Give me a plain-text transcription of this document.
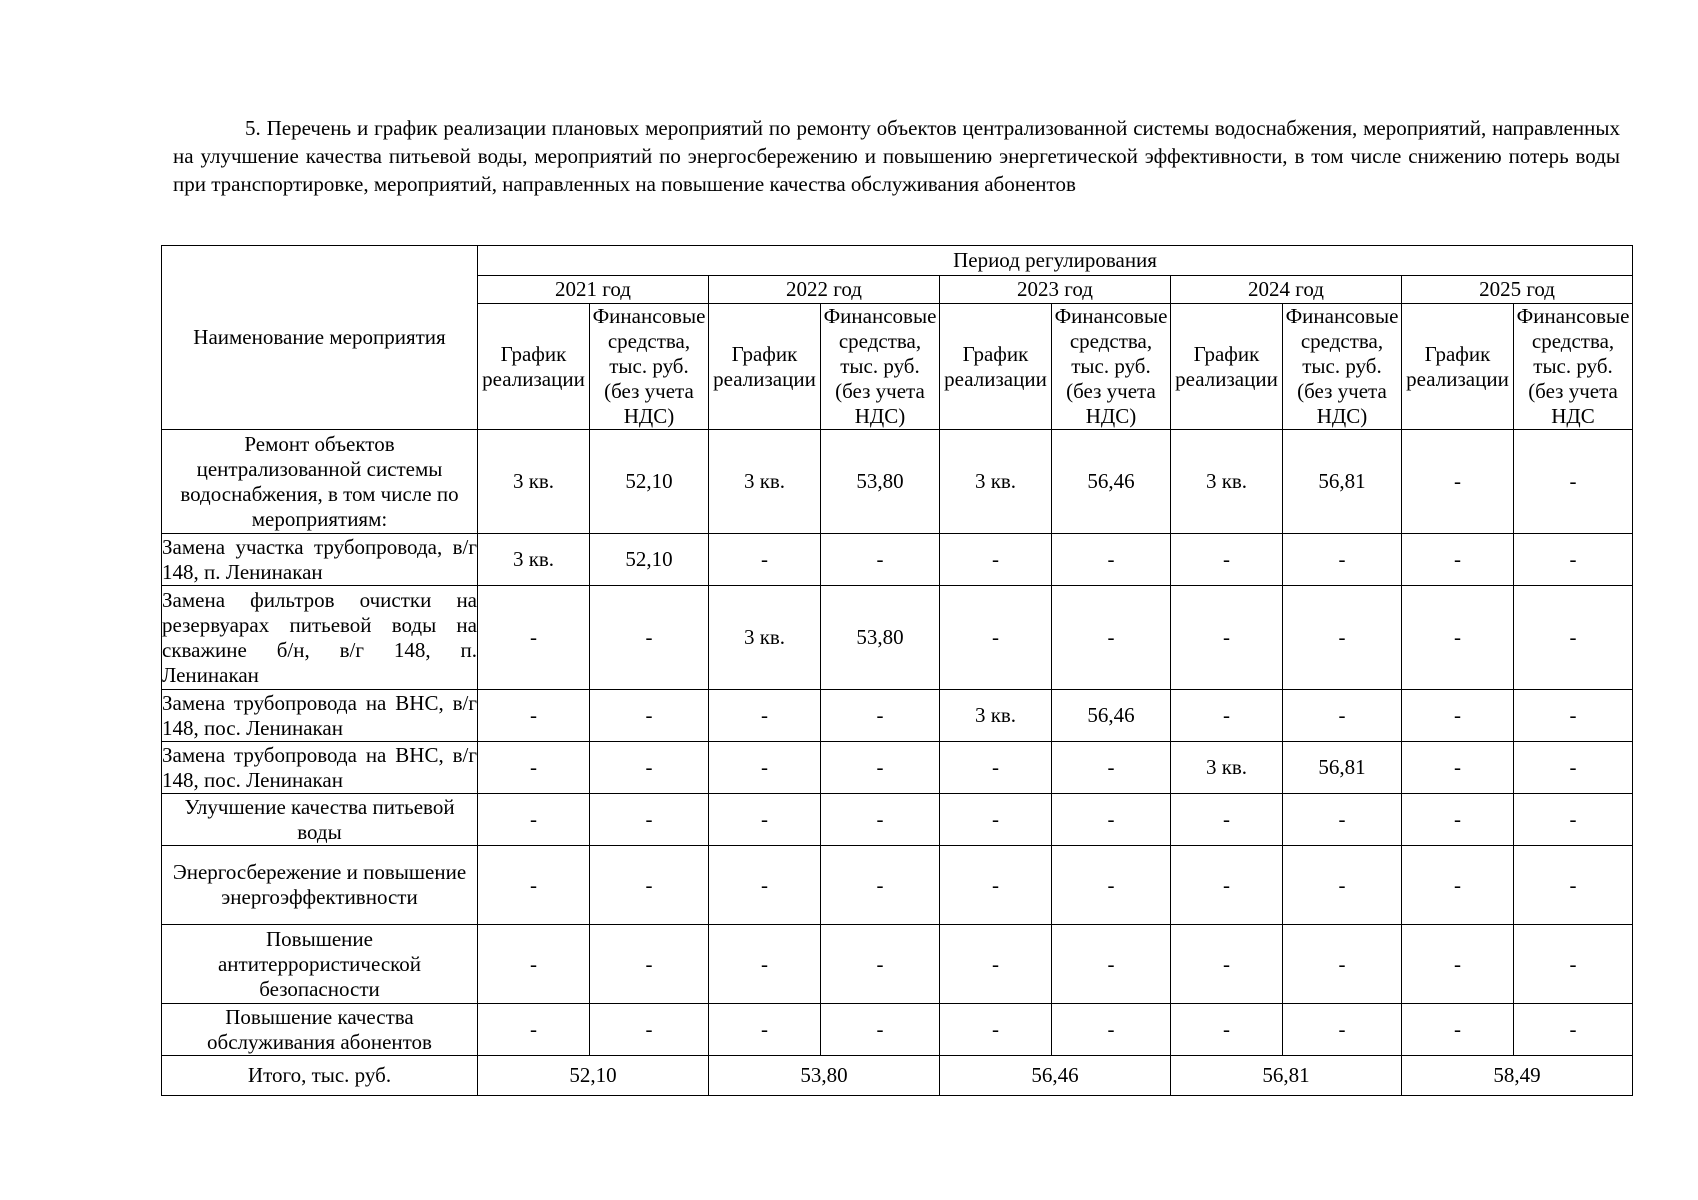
5. Перечень и график реализации плановых мероприятий по ремонту объектов централизованной системы водоснабжения, мероприятий, направленных на улучшение качества питьевой воды, мероприятий по энергосбережению и повышению энергетической эффективности, в том числе снижению потерь воды при транспортировке, мероприятий, направленных на повышение качества обслуживания абонентов

Наименование мероприятия	Период регулирования									
	2021 год		2022 год		2023 год		2024 год		2025 год	
	График реализации	Финансовые средства, тыс. руб. (без учета НДС)	График реализации	Финансовые средства, тыс. руб. (без учета НДС)	График реализации	Финансовые средства, тыс. руб. (без учета НДС)	График реализации	Финансовые средства, тыс. руб. (без учета НДС)	График реализации	Финансовые средства, тыс. руб. (без учета НДС
Ремонт объектов централизованной системы водоснабжения, в том числе по мероприятиям:	3 кв.	52,10	3 кв.	53,80	3 кв.	56,46	3 кв.	56,81	-	-
Замена участка трубопровода, в/г 148, п. Ленинакан	3 кв.	52,10	-	-	-	-	-	-	-	-
Замена фильтров очистки на резервуарах питьевой воды на скважине б/н, в/г 148, п. Ленинакан	-	-	3 кв.	53,80	-	-	-	-	-	-
Замена трубопровода на ВНС, в/г 148, пос. Ленинакан	-	-	-	-	3 кв.	56,46	-	-	-	-
Замена трубопровода на ВНС, в/г 148, пос. Ленинакан	-	-	-	-	-	-	3 кв.	56,81	-	-
Улучшение качества питьевой воды	-	-	-	-	-	-	-	-	-	-
Энергосбережение и повышение энергоэффективности	-	-	-	-	-	-	-	-	-	-
Повышение антитеррористической безопасности	-	-	-	-	-	-	-	-	-	-
Повышение качества обслуживания абонентов	-	-	-	-	-	-	-	-	-	-
Итого, тыс. руб.	52,10		53,80		56,46		56,81		58,49	
